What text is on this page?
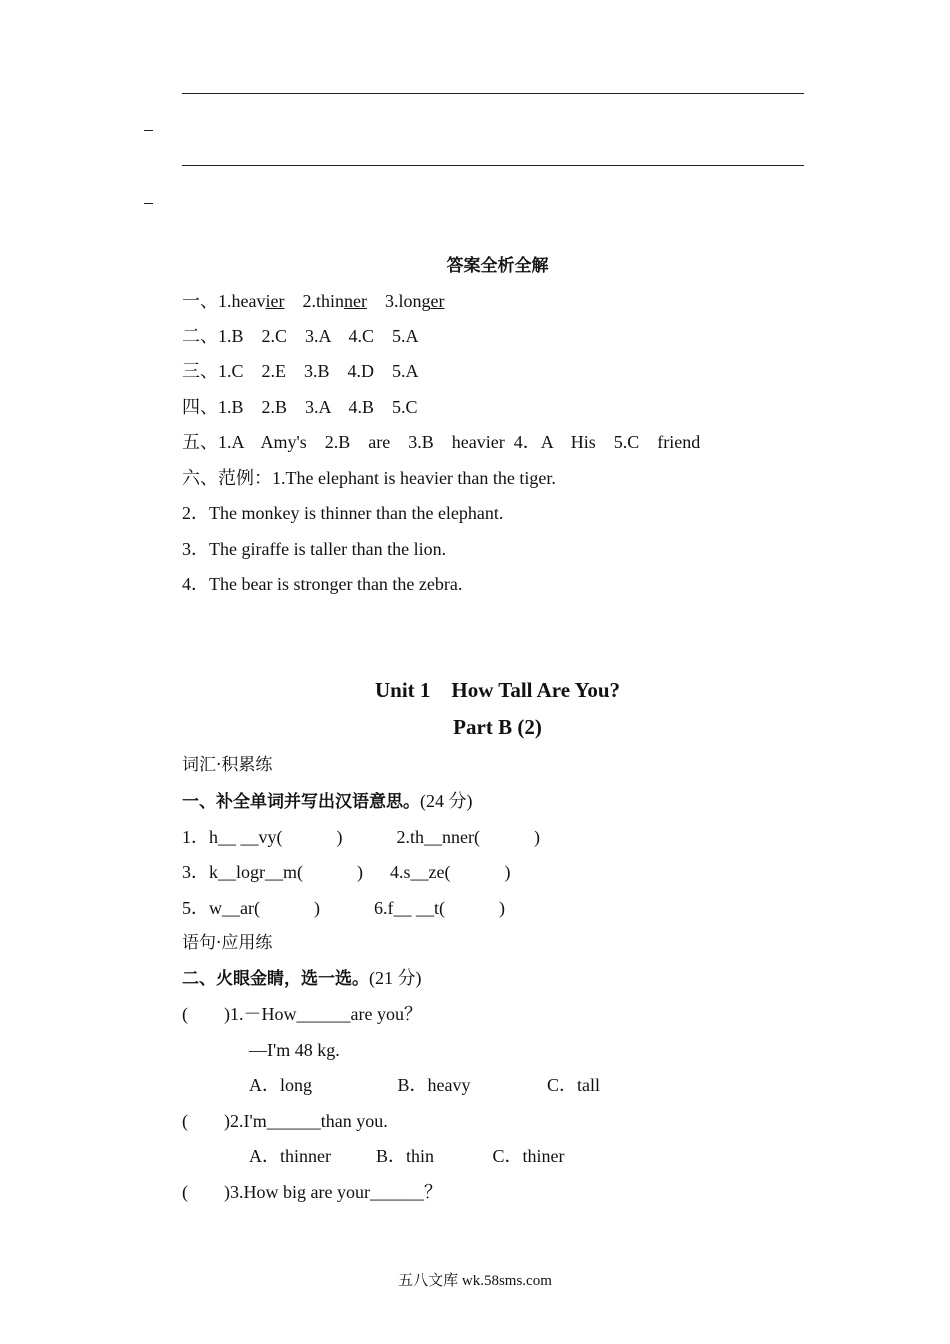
答案全析全解
一、1.heavier    2.thinner    3.longer
二、1.B    2.C    3.A    4.C    5.A
三、1.C    2.E    3.B    4.D    5.A
四、1.B    2.B    3.A    4.B    5.C
五、1.A    Amy's    2.B    are    3.B    heavier  4．A    His    5.C    friend
六、范例：1.The elephant is heavier than the tiger.
2．The monkey is thinner than the elephant.
3．The giraffe is taller than the lion.
4．The bear is stronger than the zebra.
Unit 1    How Tall Are You?
Part B (2)
词汇·积累练
一、补全单词并写出汉语意思。(24 分)
1．h__ __vy(            )            2.th__nner(            )
3．k__logr__m(            )      4.s__ze(            )
5．w__ar(            )            6.f__ __t(            )
语句·应用练
二、火眼金睛，选一选。(21 分)
(        )1.－How______are you？
—I'm 48 kg.
A．long                   B．heavy                 C．tall
(        )2.I'm______than you.
A．thinner          B．thin             C．thiner
(        )3.How big are your______？
五八文库 wk.58sms.com
